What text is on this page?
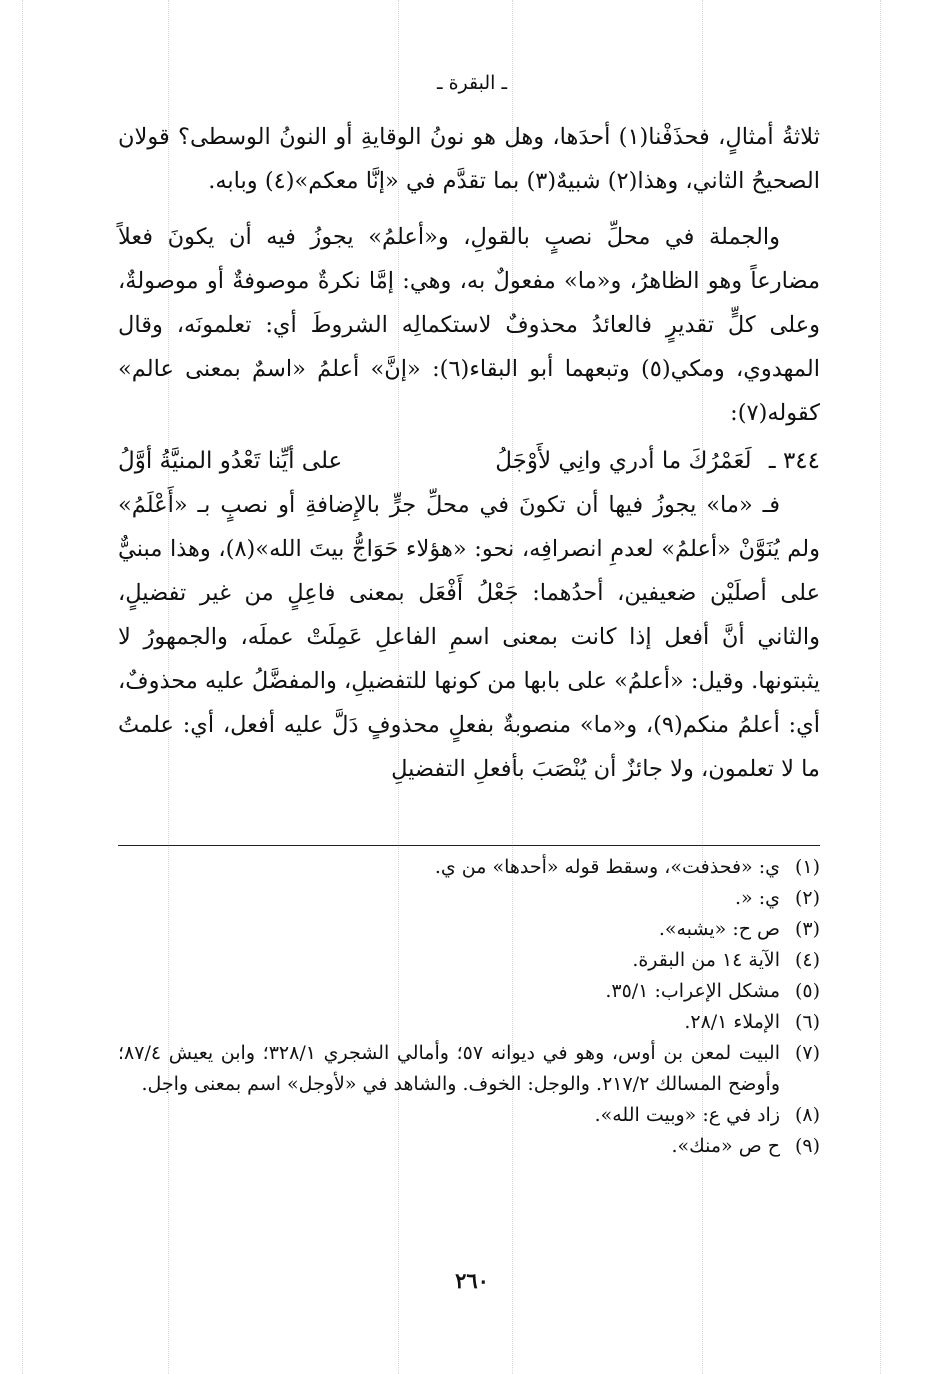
ـ البقرة ـ

ثلاثةُ أمثالٍ، فحذَفْنا(١) أحدَها، وهل هو نونُ الوقايةِ أو النونُ الوسطى؟ قولان الصحيحُ الثاني، وهذا(٢) شبيهٌ(٣) بما تقدَّم في «إنَّا معكم»(٤) وبابه.

والجملة في محلِّ نصبٍ بالقولِ، و«أعلمُ» يجوزُ فيه أن يكونَ فعلاً مضارعاً وهو الظاهرُ، و«ما» مفعولٌ به، وهي: إمَّا نكرةٌ موصوفةٌ أو موصولةٌ، وعلى كلٍّ تقديرٍ فالعائدُ محذوفٌ لاستكمالِه الشروطَ أي: تعلمونَه، وقال المهدوي، ومكي(٥) وتبعهما أبو البقاء(٦): «إنَّ» أعلمُ «اسمٌ بمعنى عالم» كقوله(٧):

٣٤٤ ـ لَعَمْرُكَ ما أدري وانِي لأَوْجَلُ
على أيِّنا تَعْدُو المنيَّةُ أوَّلُ

فـ «ما» يجوزُ فيها أن تكونَ في محلِّ جرٍّ بالإِضافةِ أو نصبٍ بـ «أَعْلَمُ» ولم يُنَوَّنْ «أعلمُ» لعدمِ انصرافِه، نحو: «هؤلاء حَوَاجُّ بيتَ الله»(٨)، وهذا مبنيٌّ على أصلَيْن ضعيفين، أحدُهما: جَعْلُ أَفْعَل بمعنى فاعِلٍ من غير تفضيلٍ، والثاني أنَّ أفعل إذا كانت بمعنى اسمِ الفاعلِ عَمِلَتْ عملَه، والجمهورُ لا يثبتونها. وقيل: «أعلمُ» على بابها من كونها للتفضيلِ، والمفضَّلُ عليه محذوفٌ، أي: أعلمُ منكم(٩)، و«ما» منصوبةٌ بفعلٍ محذوفٍ دَلَّ عليه أفعل، أي: علمتُ ما لا تعلمون، ولا جائزٌ أن يُنْصَبَ بأفعلِ التفضيلِ

(١)
ي: «فحذفت»، وسقط قوله «أحدها» من ي.
(٢)
ي: «.
(٣)
ص ح: «يشبه».
(٤)
الآية ١٤ من البقرة.
(٥)
مشكل الإعراب: ٣٥/١.
(٦)
الإملاء ٢٨/١.
(٧)
البيت لمعن بن أوس، وهو في ديوانه ٥٧؛ وأمالي الشجري ٣٢٨/١؛ وابن يعيش ٨٧/٤؛ وأوضح المسالك ٢١٧/٢. والوجل: الخوف. والشاهد في «لأوجل» اسم بمعنى واجل.
(٨)
زاد في ع: «وبيت الله».
(٩)
ح ص «منك».
٢٦٠
